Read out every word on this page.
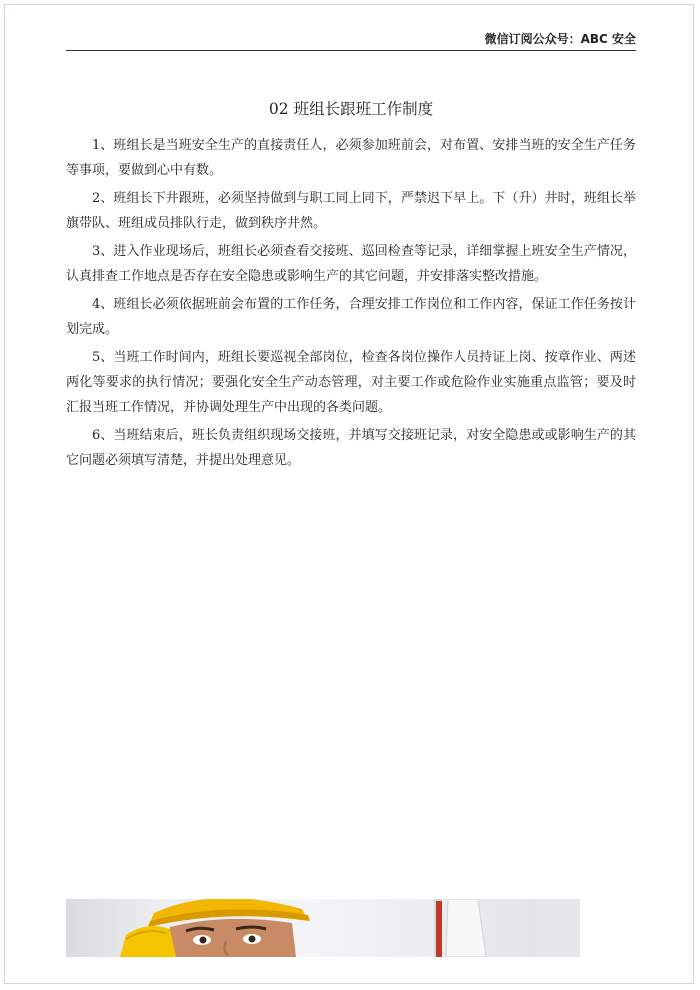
微信订阅公众号：ABC 安全
02 班组长跟班工作制度

1、班组长是当班安全生产的直接责任人，必须参加班前会，对布置、安排当班的安全生产任务等事项，要做到心中有数。

2、班组长下井跟班，必须坚持做到与职工同上同下，严禁迟下早上。下（升）井时，班组长举旗带队、班组成员排队行走，做到秩序井然。

3、进入作业现场后，班组长必须查看交接班、巡回检查等记录，详细掌握上班安全生产情况，认真排查工作地点是否存在安全隐患或影响生产的其它问题，并安排落实整改措施。

4、班组长必须依据班前会布置的工作任务，合理安排工作岗位和工作内容，保证工作任务按计划完成。

5、当班工作时间内，班组长要巡视全部岗位，检查各岗位操作人员持证上岗、按章作业、两述两化等要求的执行情况；要强化安全生产动态管理，对主要工作或危险作业实施重点监管；要及时汇报当班工作情况，并协调处理生产中出现的各类问题。

6、当班结束后，班长负责组织现场交接班，并填写交接班记录，对安全隐患或或影响生产的其它问题必须填写清楚，并提出处理意见。
